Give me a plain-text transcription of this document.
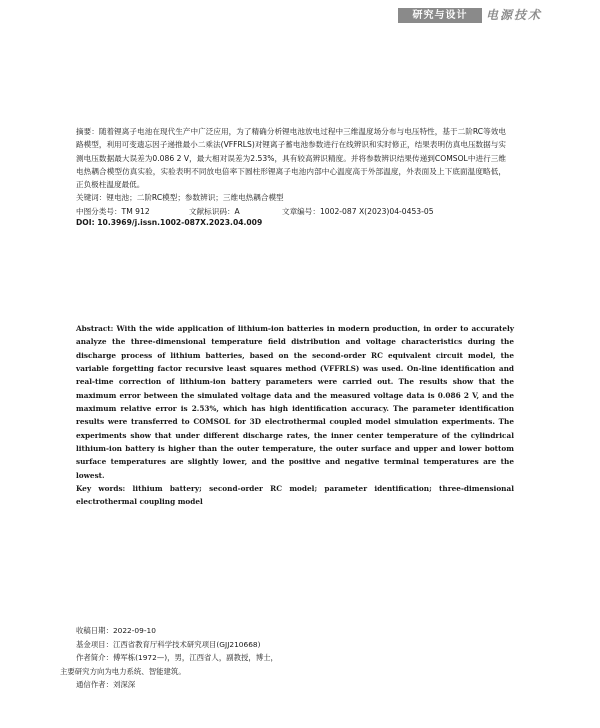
研究与设计	电源技术

摘要：随着锂离子电池在现代生产中广泛应用，为了精确分析锂电池放电过程中三维温度场分布与电压特性，基于二阶RC等效电路模型，利用可变遗忘因子递推最小二乘法(VFFRLS)对锂离子蓄电池参数进行在线辨识和实时修正，结果表明仿真电压数据与实测电压数据最大误差为0.086 2 V，最大相对误差为2.53%，具有较高辨识精度。并将参数辨识结果传递到COMSOL中进行三维电热耦合模型仿真实验，实验表明不同放电倍率下圆柱形锂离子电池内部中心温度高于外部温度，外表面及上下底面温度略低，正负极柱温度最低。

关键词：锂电池；二阶RC模型；参数辨识；三维电热耦合模型

中图分类号：TM 912	文献标识码：A	文章编号：1002-087 X(2023)04-0453-05
DOI: 10.3969/j.issn.1002-087X.2023.04.009

Abstract: With the wide application of lithium-ion batteries in modern production, in order to accurately analyze the three-dimensional temperature field distribution and voltage characteristics during the discharge process of lithium batteries, based on the second-order RC equivalent circuit model, the variable forgetting factor recursive least squares method (VFFRLS) was used. On-line identification and real-time correction of lithium-ion battery parameters were carried out. The results show that the maximum error between the simulated voltage data and the measured voltage data is 0.086 2 V, and the maximum relative error is 2.53%, which has high identification accuracy. The parameter identification results were transferred to COMSOL for 3D electrothermal coupled model simulation experiments. The experiments show that under different discharge rates, the inner center temperature of the cylindrical lithium-ion battery is higher than the outer temperature, the outer surface and upper and lower bottom surface temperatures are slightly lower, and the positive and negative terminal temperatures are the lowest.

Key words: lithium battery; second-order RC model; parameter identification; three-dimensional electrothermal coupling model

收稿日期：2022-09-10
基金项目：江西省教育厅科学技术研究项目(GJJ210668)
作者简介：傅军栋(1972—)，男，江西省人，副教授，博士，
主要研究方向为电力系统、智能建筑。
通信作者：刘深深
